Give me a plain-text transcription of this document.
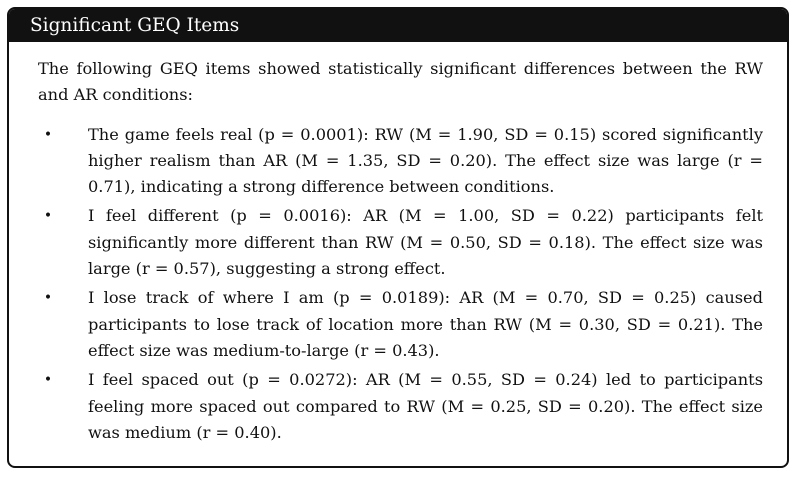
Significant GEQ Items

The following GEQ items showed statistically significant differences between the RW and AR conditions:

•	The game feels real (p = 0.0001): RW (M = 1.90, SD = 0.15) scored significantly higher realism than AR (M = 1.35, SD = 0.20). The effect size was large (r = 0.71), indicating a strong difference between conditions.
•	I feel different (p = 0.0016): AR (M = 1.00, SD = 0.22) participants felt significantly more different than RW (M = 0.50, SD = 0.18). The effect size was large (r = 0.57), suggesting a strong effect.
•	I lose track of where I am (p = 0.0189): AR (M = 0.70, SD = 0.25) caused participants to lose track of location more than RW (M = 0.30, SD = 0.21). The effect size was medium-to-large (r = 0.43).
•	I feel spaced out (p = 0.0272): AR (M = 0.55, SD = 0.24) led to participants feeling more spaced out compared to RW (M = 0.25, SD = 0.20). The effect size was medium (r = 0.40).
